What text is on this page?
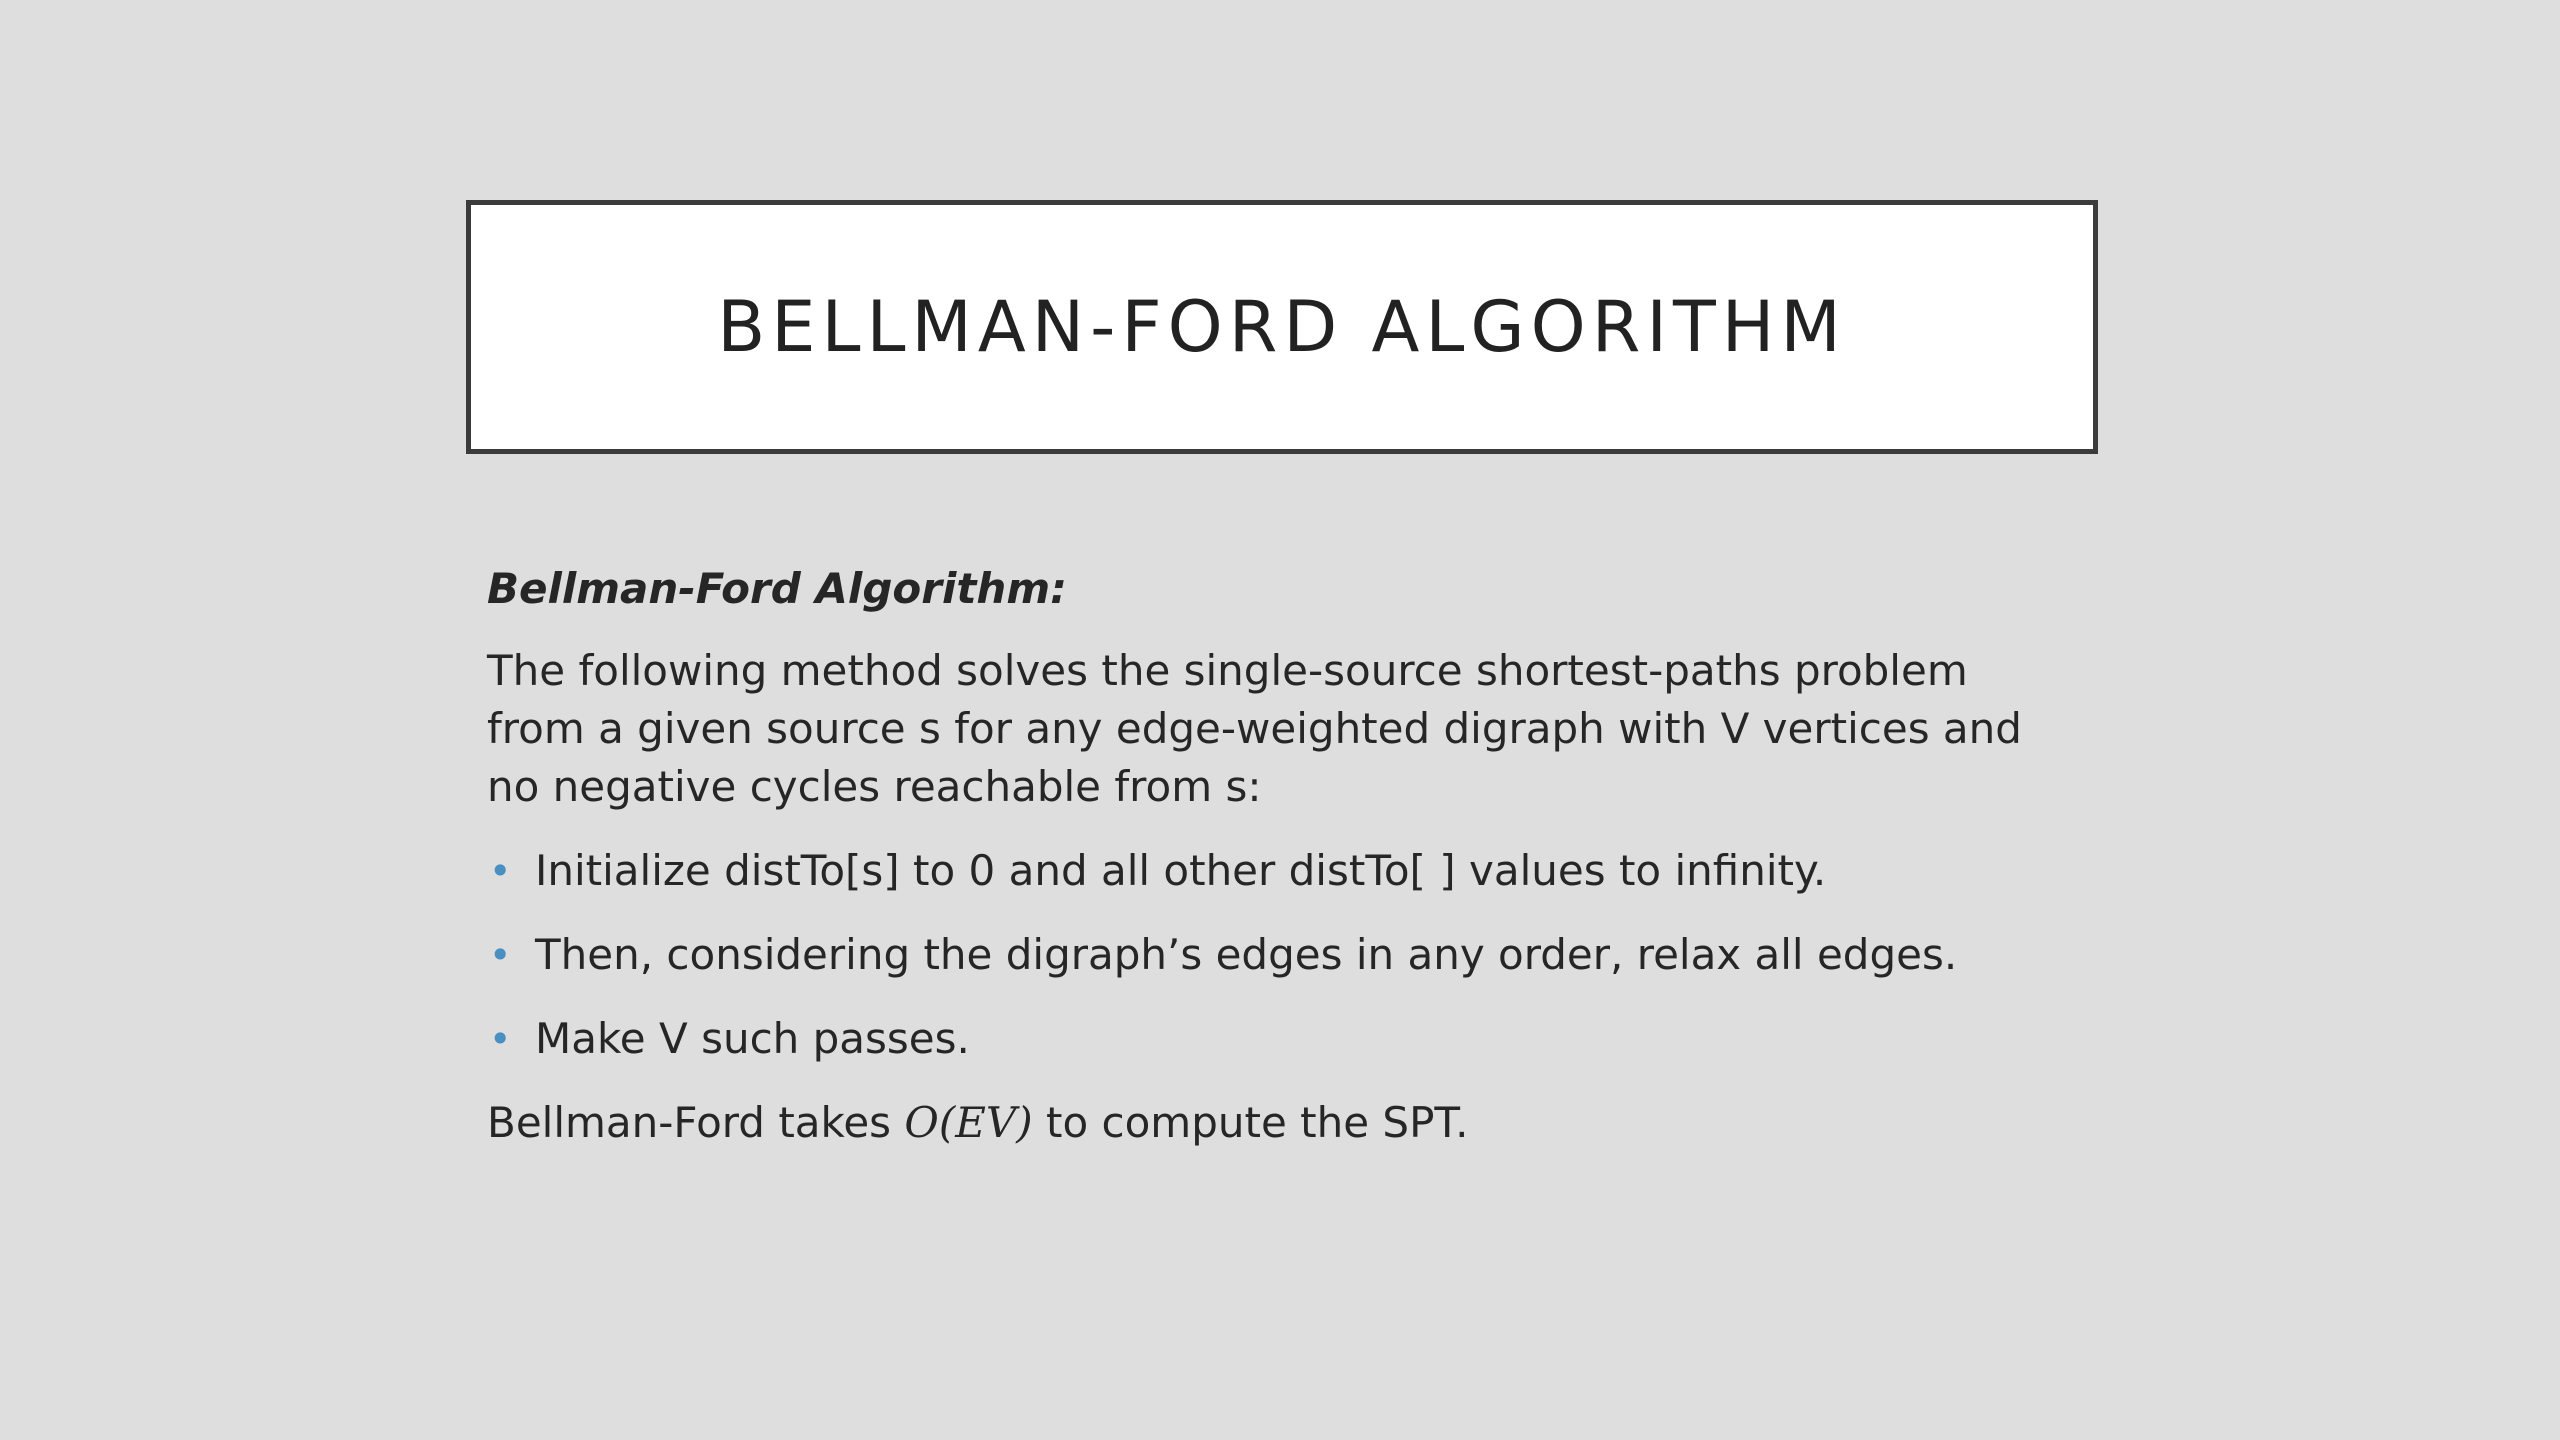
BELLMAN-FORD ALGORITHM
Bellman-Ford Algorithm:
The following method solves the single-source shortest-paths problem from a given source s for any edge-weighted digraph with V vertices and no negative cycles reachable from s:
• Initialize distTo[s] to 0 and all other distTo[ ] values to infinity.
• Then, considering the digraph’s edges in any order, relax all edges.
• Make V such passes.
Bellman-Ford takes O(EV) to compute the SPT.
